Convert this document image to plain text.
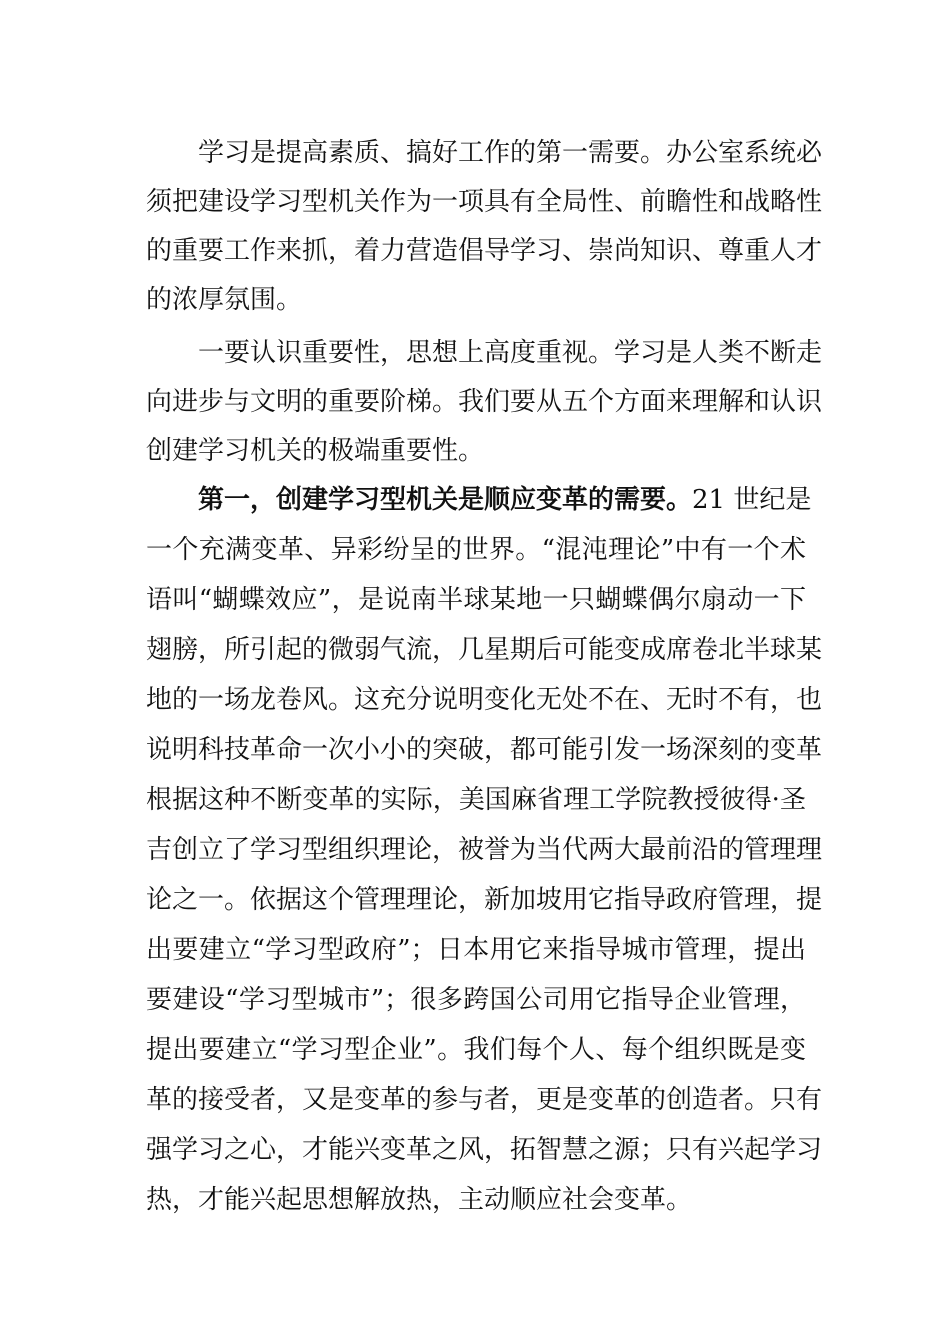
学习是提高素质、搞好工作的第一需要。办公室系统必
须把建设学习型机关作为一项具有全局性、前瞻性和战略性
的重要工作来抓，着力营造倡导学习、崇尚知识、尊重人才
的浓厚氛围。
一要认识重要性，思想上高度重视。学习是人类不断走
向进步与文明的重要阶梯。我们要从五个方面来理解和认识
创建学习机关的极端重要性。
第一，创建学习型机关是顺应变革的需要。21 世纪是
一个充满变革、异彩纷呈的世界。“混沌理论”中有一个术
语叫“蝴蝶效应”，是说南半球某地一只蝴蝶偶尔扇动一下
翅膀，所引起的微弱气流，几星期后可能变成席卷北半球某
地的一场龙卷风。这充分说明变化无处不在、无时不有，也
说明科技革命一次小小的突破，都可能引发一场深刻的变革
根据这种不断变革的实际，美国麻省理工学院教授彼得·圣
吉创立了学习型组织理论，被誉为当代两大最前沿的管理理
论之一。依据这个管理理论，新加坡用它指导政府管理，提
出要建立“学习型政府”；日本用它来指导城市管理，提出
要建设“学习型城市”；很多跨国公司用它指导企业管理，
提出要建立“学习型企业”。我们每个人、每个组织既是变
革的接受者，又是变革的参与者，更是变革的创造者。只有
强学习之心，才能兴变革之风，拓智慧之源；只有兴起学习
热，才能兴起思想解放热，主动顺应社会变革。
